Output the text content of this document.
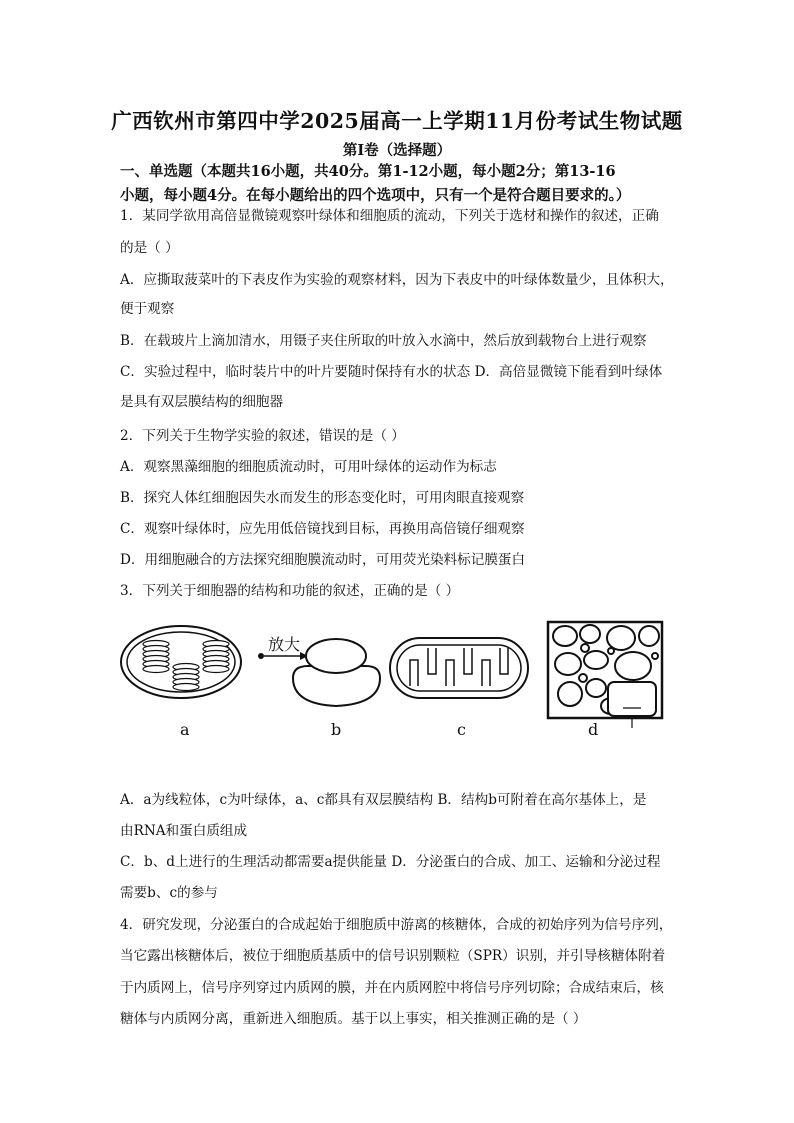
广西钦州市第四中学2025届高一上学期11月份考试生物试题
第Ⅰ卷（选择题）
一、单选题（本题共16小题，共40分。第1-12小题，每小题2分；第13-16
小题，每小题4分。在每小题给出的四个选项中，只有一个是符合题目要求的。）
1．某同学欲用高倍显微镜观察叶绿体和细胞质的流动，下列关于选材和操作的叙述，正确
的是（ ）
A．应撕取菠菜叶的下表皮作为实验的观察材料，因为下表皮中的叶绿体数量少，且体积大，
便于观察
B．在载玻片上滴加清水，用镊子夹住所取的叶放入水滴中，然后放到载物台上进行观察
C．实验过程中，临时装片中的叶片要随时保持有水的状态 D．高倍显微镜下能看到叶绿体
是具有双层膜结构的细胞器
2．下列关于生物学实验的叙述，错误的是（ ）
A．观察黑藻细胞的细胞质流动时，可用叶绿体的运动作为标志
B．探究人体红细胞因失水而发生的形态变化时，可用肉眼直接观察
C．观察叶绿体时，应先用低倍镜找到目标，再换用高倍镜仔细观察
D．用细胞融合的方法探究细胞膜流动时，可用荧光染料标记膜蛋白
3．下列关于细胞器的结构和功能的叙述，正确的是（ ）
放大
a	b	c	d
A．a为线粒体，c为叶绿体，a、c都具有双层膜结构 B．结构b可附着在高尔基体上，是
由RNA和蛋白质组成
C．b、d上进行的生理活动都需要a提供能量 D．分泌蛋白的合成、加工、运输和分泌过程
需要b、c的参与
4．研究发现，分泌蛋白的合成起始于细胞质中游离的核糖体，合成的初始序列为信号序列，
当它露出核糖体后，被位于细胞质基质中的信号识别颗粒（SPR）识别，并引导核糖体附着
于内质网上，信号序列穿过内质网的膜，并在内质网腔中将信号序列切除；合成结束后，核
糖体与内质网分离，重新进入细胞质。基于以上事实，相关推测正确的是（ ）
